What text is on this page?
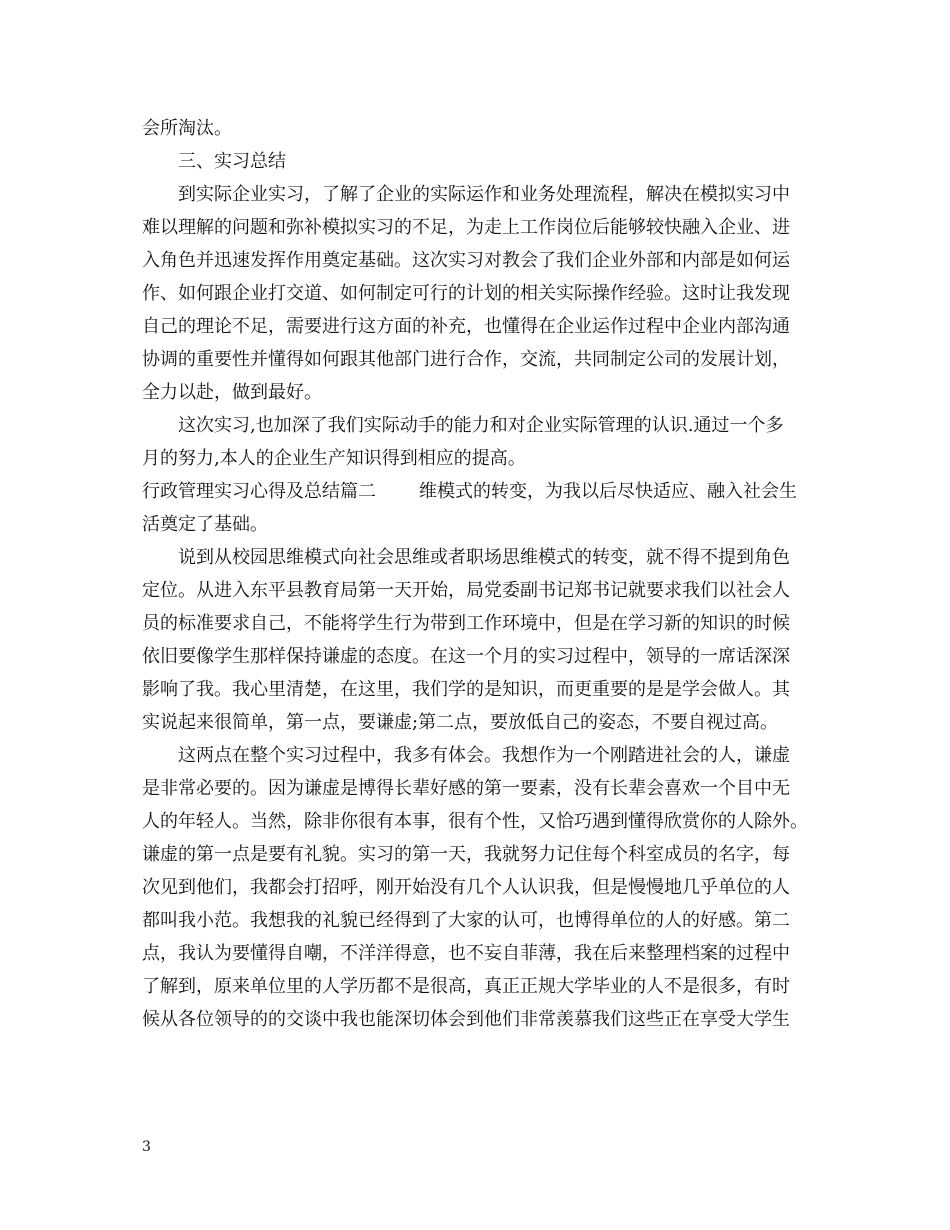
会所淘汰。
三、实习总结
到实际企业实习，了解了企业的实际运作和业务处理流程，解决在模拟实习中
难以理解的问题和弥补模拟实习的不足，为走上工作岗位后能够较快融入企业、进
入角色并迅速发挥作用奠定基础。这次实习对教会了我们企业外部和内部是如何运
作、如何跟企业打交道、如何制定可行的计划的相关实际操作经验。这时让我发现
自己的理论不足，需要进行这方面的补充，也懂得在企业运作过程中企业内部沟通
协调的重要性并懂得如何跟其他部门进行合作，交流，共同制定公司的发展计划，
全力以赴，做到最好。
这次实习,也加深了我们实际动手的能力和对企业实际管理的认识.通过一个多
月的努力,本人的企业生产知识得到相应的提高。
行政管理实习心得及总结篇二	维模式的转变，为我以后尽快适应、融入社会生
活奠定了基础。
说到从校园思维模式向社会思维或者职场思维模式的转变，就不得不提到角色
定位。从进入东平县教育局第一天开始，局党委副书记郑书记就要求我们以社会人
员的标准要求自己，不能将学生行为带到工作环境中，但是在学习新的知识的时候
依旧要像学生那样保持谦虚的态度。在这一个月的实习过程中，领导的一席话深深
影响了我。我心里清楚，在这里，我们学的是知识，而更重要的是是学会做人。其
实说起来很简单，第一点，要谦虚;第二点，要放低自己的姿态，不要自视过高。
这两点在整个实习过程中，我多有体会。我想作为一个刚踏进社会的人，谦虚
是非常必要的。因为谦虚是博得长辈好感的第一要素，没有长辈会喜欢一个目中无
人的年轻人。当然，除非你很有本事，很有个性，又恰巧遇到懂得欣赏你的人除外。
谦虚的第一点是要有礼貌。实习的第一天，我就努力记住每个科室成员的名字，每
次见到他们，我都会打招呼，刚开始没有几个人认识我，但是慢慢地几乎单位的人
都叫我小范。我想我的礼貌已经得到了大家的认可，也博得单位的人的好感。第二
点，我认为要懂得自嘲，不洋洋得意，也不妄自菲薄，我在后来整理档案的过程中
了解到，原来单位里的人学历都不是很高，真正正规大学毕业的人不是很多，有时
候从各位领导的的交谈中我也能深切体会到他们非常羡慕我们这些正在享受大学生
3
